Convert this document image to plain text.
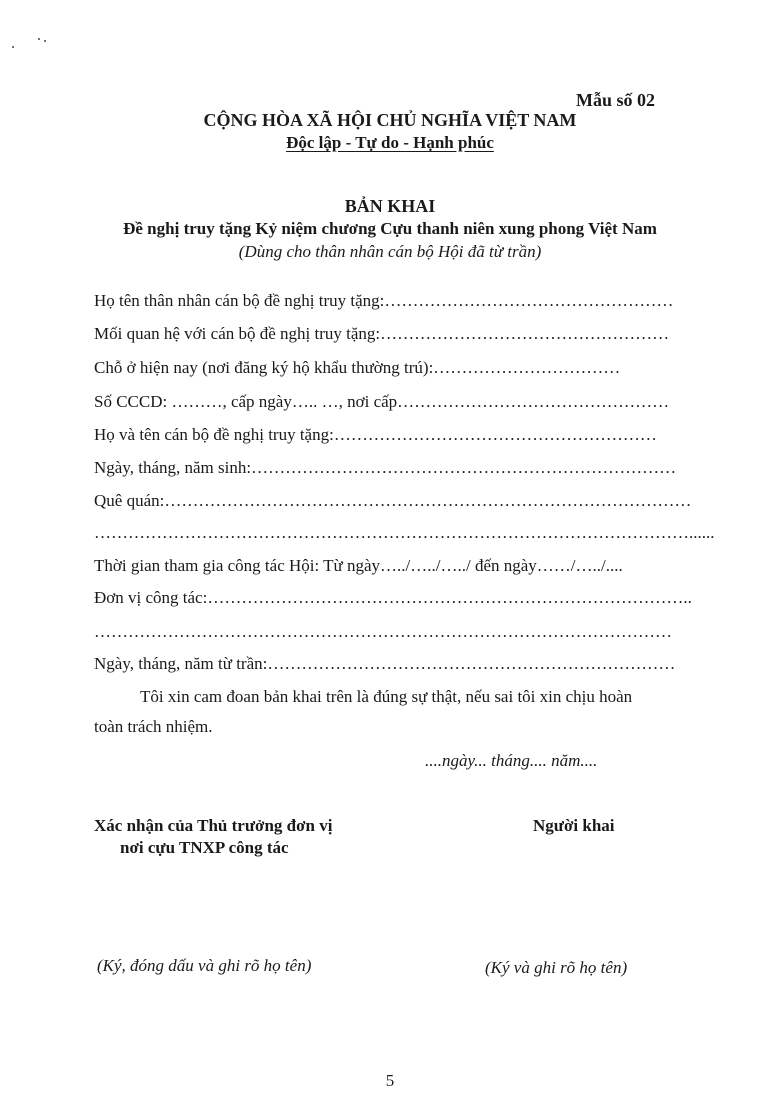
Mẫu số 02
CỘNG HÒA XÃ HỘI CHỦ NGHĨA VIỆT NAM
Độc lập - Tự do - Hạnh phúc
BẢN KHAI
Đề nghị truy tặng Kỷ niệm chương Cựu thanh niên xung phong Việt Nam
(Dùng cho thân nhân cán bộ Hội đã từ trần)
Họ tên thân nhân cán bộ đề nghị truy tặng:……………………………………………
Mối quan hệ với cán bộ đề nghị truy tặng:……………………………………………
Chỗ ở hiện nay (nơi đăng ký hộ khẩu thường trú):……………………………
Số CCCD: ………, cấp ngày….. …, nơi cấp…………………………………………
Họ và tên cán bộ đề nghị truy tặng:…………………………………………………
Ngày, tháng, năm sinh:…………………………………………………………………
Quê quán:…………………………………………………………………………………
……………………………………………………………………………………………......
Thời gian tham gia công tác Hội: Từ ngày…../…../…../ đến ngày……/…../....
Đơn vị công tác:…………………………………………………………………………..
…………………………………………………………………………………………
Ngày, tháng, năm từ trần:………………………………………………………………
Tôi xin cam đoan bản khai trên là đúng sự thật, nếu sai tôi xin chịu hoàn
toàn trách nhiệm.
....ngày... tháng.... năm....
Xác nhận của Thủ trưởng đơn vị
nơi cựu TNXP công tác
Người khai
(Ký, đóng dấu và ghi rõ họ tên)	(Ký và ghi rõ họ tên)
5
